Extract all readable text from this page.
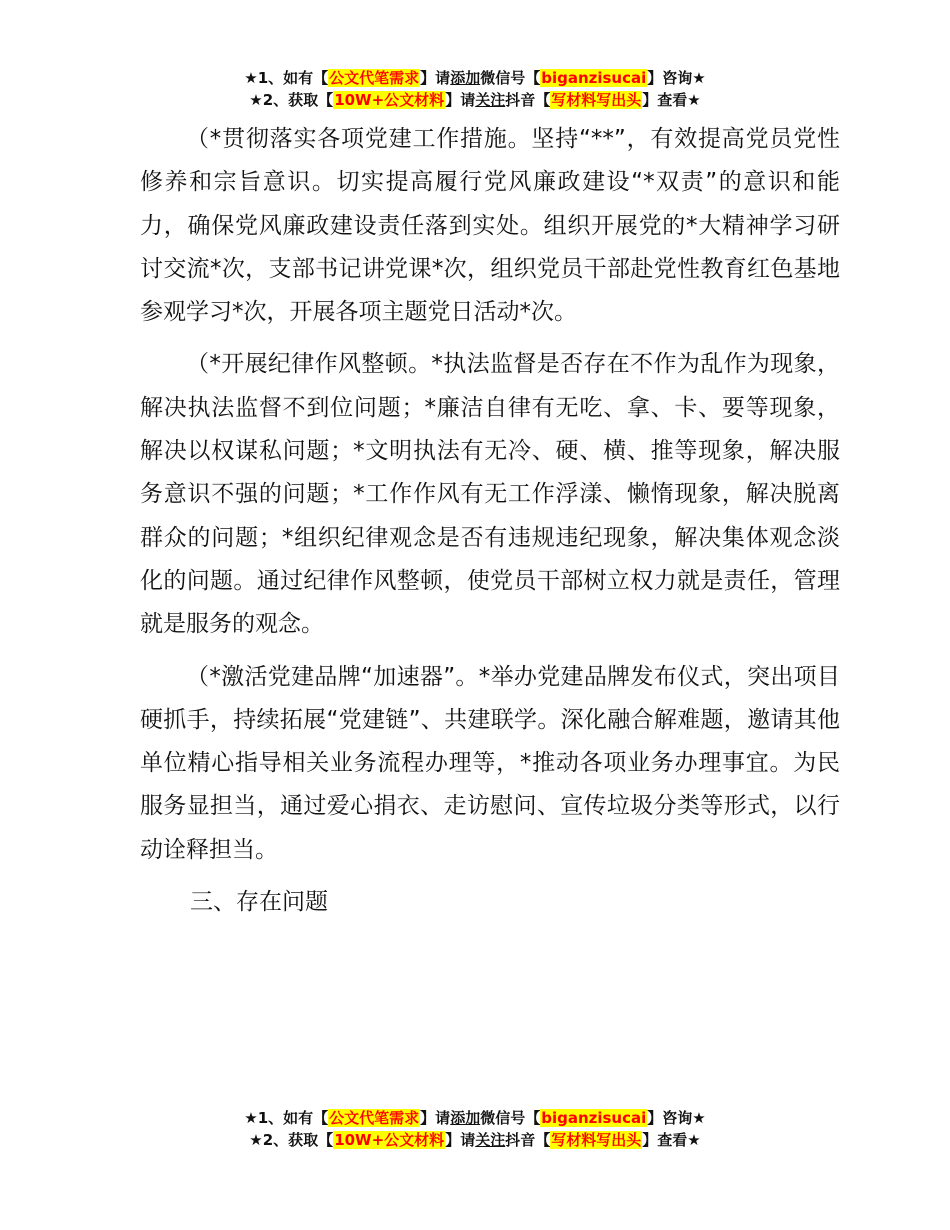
★1、如有【公文代笔需求】请添加微信号【biganzisucai】咨询★
★2、获取【10W+公文材料】请关注抖音【写材料写出头】查看★

（*贯彻落实各项党建工作措施。坚持“**”，有效提高党员党性修养和宗旨意识。切实提高履行党风廉政建设“*双责”的意识和能力，确保党风廉政建设责任落到实处。组织开展党的*大精神学习研讨交流*次，支部书记讲党课*次，组织党员干部赴党性教育红色基地参观学习*次，开展各项主题党日活动*次。

（*开展纪律作风整顿。*执法监督是否存在不作为乱作为现象，解决执法监督不到位问题；*廉洁自律有无吃、拿、卡、要等现象，解决以权谋私问题；*文明执法有无冷、硬、横、推等现象，解决服务意识不强的问题；*工作作风有无工作浮漾、懒惰现象，解决脱离群众的问题；*组织纪律观念是否有违规违纪现象，解决集体观念淡化的问题。通过纪律作风整顿，使党员干部树立权力就是责任，管理就是服务的观念。

（*激活党建品牌“加速器”。*举办党建品牌发布仪式，突出项目硬抓手，持续拓展“党建链”、共建联学。深化融合解难题，邀请其他单位精心指导相关业务流程办理等，*推动各项业务办理事宜。为民服务显担当，通过爱心捐衣、走访慰问、宣传垃圾分类等形式，以行动诠释担当。

三、存在问题

★1、如有【公文代笔需求】请添加微信号【biganzisucai】咨询★
★2、获取【10W+公文材料】请关注抖音【写材料写出头】查看★
